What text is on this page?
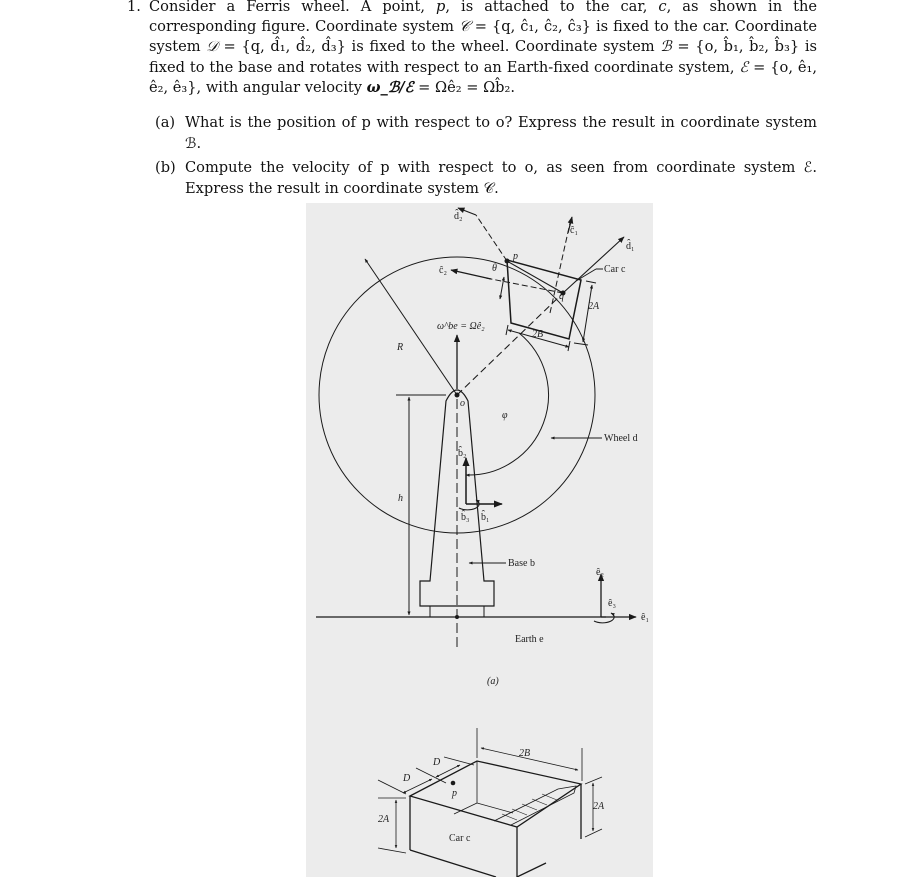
1. Consider a Ferris wheel. A point, p, is attached to the car, c, as shown in the corresponding figure. Coordinate system 𝒞 = {q, ĉ₁, ĉ₂, ĉ₃} is fixed to the car. Coordinate system 𝒟 = {q, d̂₁, d̂₂, d̂₃} is fixed to the wheel. Coordinate system ℬ = {o, b̂₁, b̂₂, b̂₃} is fixed to the base and rotates with respect to an Earth-fixed coordinate system, ℰ = {o, ê₁, ê₂, ê₃}, with angular velocity ω_ℬ/ℰ = Ωê₂ = Ωb̂₂.
(a) What is the position of p with respect to o? Express the result in coordinate system ℬ.
(b) Compute the velocity of p with respect to o, as seen from coordinate system ℰ. Express the result in coordinate system 𝒞.
d̂₂
ĉ₁
d̂₁
ĉ₂
p
θ
q
Car c
2A
2B
ω^be = Ωê₂
R
o
φ
Wheel d
b̂₂
b̂₁
b̂₃
h
Base b
ê₂
ê₃
ê₁
Earth e
(a)
2B
D
D
p
2A
2A
Car c
